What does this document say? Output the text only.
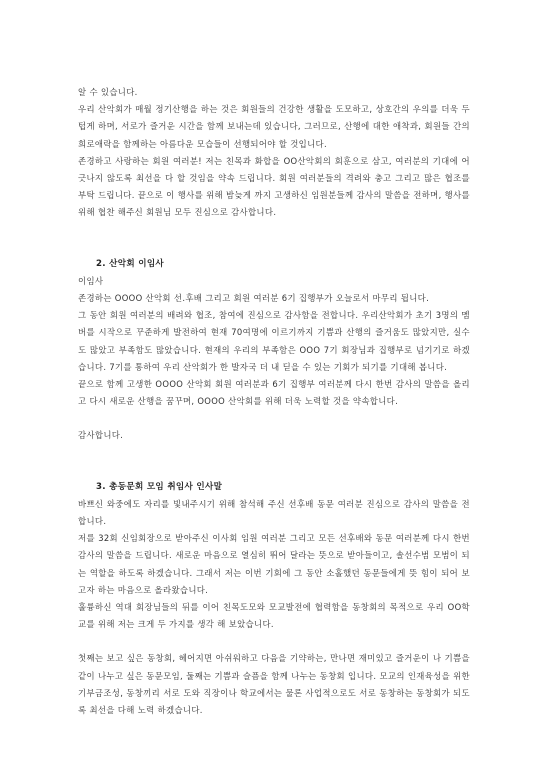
알 수 있습니다.

우리 산악회가 매월 정기산행을 하는 것은 회원들의 건강한 생활을 도모하고, 상호간의 우의를 더욱 두텁게 하며, 서로가 즐거운 시간을 함께 보내는데 있습니다, 그러므로, 산행에 대한 애착과, 회원들 간의 희로애락을 함께하는 아름다운 모습들이 선행되어야 할 것입니다.

존경하고 사랑하는 회원 여러분! 저는 친목과 화합을 OO산악회의 회훈으로 삼고, 여러분의 기대에 어긋나지 않도록 최선을 다 할 것임을 약속 드립니다. 회원 여러분들의 격려와 충고 그리고 많은 협조를 부탁 드립니다. 끝으로 이 행사를 위해 밤늦게 까지 고생하신 임원분들께 감사의 말씀을 전하며, 행사를 위해 협찬 해주신 회원님 모두 진심으로 감사합니다.

2. 산악회 이임사

이임사

존경하는 OOOO 산악회 선.후배 그리고 회원 여러분 6기 집행부가 오늘로서 마무리 됩니다.

그 동안 회원 여러분의 배려와 협조, 참여에 진심으로 감사함을 전합니다. 우리산악회가 초기 3명의 멤버를 시작으로 꾸준하게 발전하여 현재 70여명에 이르기까지 기쁨과 산행의 즐거움도 많았지만, 실수도 많았고 부족함도 많았습니다. 현재의 우리의 부족함은 OOO 7기 회장님과 집행부로 넘기기로 하겠습니다. 7기를 통하여 우리 산악회가 한 발자국 더 내 딛을 수 있는 기회가 되기를 기대해 봅니다.

끝으로 함께 고생한 OOOO 산악회 회원 여러분과 6기 집행부 여러분께 다시 한번 감사의 말씀을 올리고 다시 새로운 산행을 꿈꾸며, OOOO 산악회를 위해 더욱 노력할 것을 약속합니다.

감사합니다.

3. 총동문회 모임 취임사 인사말

바쁘신 와중에도 자리를 빛내주시기 위해 참석해 주신 선후배 동문 여러분 진심으로 감사의 말씀을 전합니다.

저를 32회 신임회장으로 받아주신 이사회 임원 여러분 그리고 모든 선후배와 동문 여러분께 다시 한번 감사의 말씀을 드립니다. 새로운 마음으로 열심히 뛰어 달라는 뜻으로 받아들이고, 솔선수범 모범이 되는 역할을 하도록 하겠습니다. 그래서 저는 이번 기회에 그 동안 소홀했던 동문들에게 뜻 힘이 되어 보고자 하는 마음으로 올라왔습니다.

훌륭하신 역대 회장님들의 뒤를 이어 친목도모와 모교발전에 협력함을 동창회의 목적으로 우리 OO학교를 위해 저는 크게 두 가지를 생각 해 보았습니다.

첫째는 보고 싶은 동창회, 헤어지면 아쉬워하고 다음을 기약하는, 만나면 재미있고 즐거운이 나 기쁨을 같이 나누고 싶은 동문모임, 둘째는 기쁨과 슬픔을 함께 나누는 동창회 입니다. 모교의 인재육성을 위한 기부금조성, 동창끼리 서로 도와 직장이나 학교에서는 물론 사업적으로도 서로 동창하는 동창회가 되도록 최선을 다해 노력 하겠습니다.
